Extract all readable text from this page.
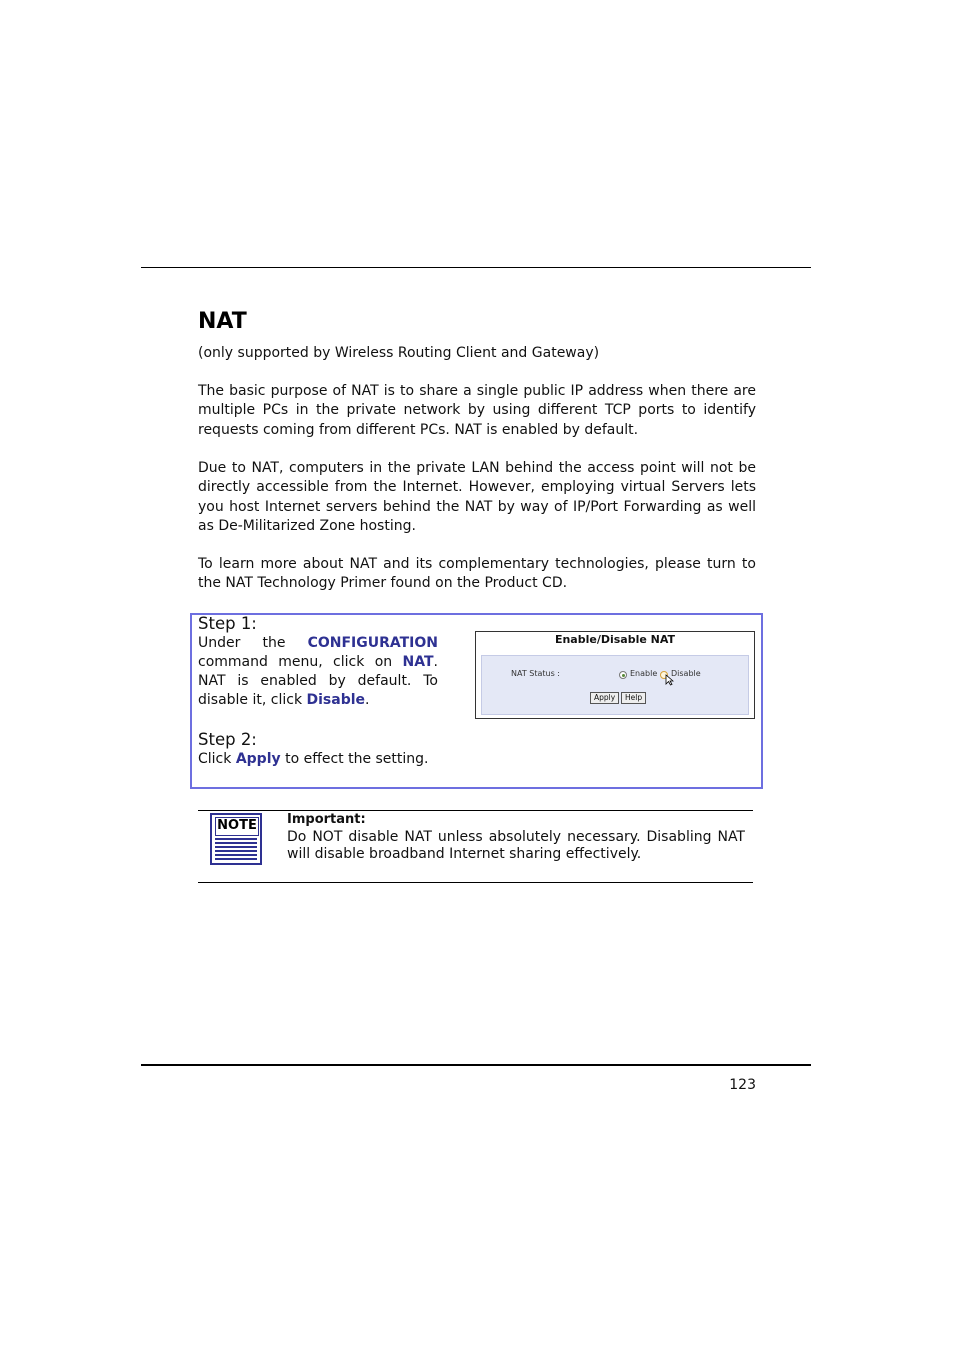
NAT

(only supported by Wireless Routing Client and Gateway)

The basic purpose of NAT is to share a single public IP address when there are multiple PCs in the private network by using different TCP ports to identify requests coming from different PCs. NAT is enabled by default.

Due to NAT, computers in the private LAN behind the access point will not be directly accessible from the Internet. However, employing virtual Servers lets you host Internet servers behind the NAT by way of IP/Port Forwarding as well as De-Militarized Zone hosting.

To learn more about NAT and its complementary technologies, please turn to the NAT Technology Primer found on the Product CD.

Step 1:

Under the CONFIGURATION command menu, click on NAT. NAT is enabled by default. To disable it, click Disable.

Enable/Disable NAT
NAT Status :	Enable Disable
Apply	Help
Step 2:

Click Apply to effect the setting.

NOTE Important:

Do NOT disable NAT unless absolutely necessary. Disabling NAT will disable broadband Internet sharing effectively.

123
